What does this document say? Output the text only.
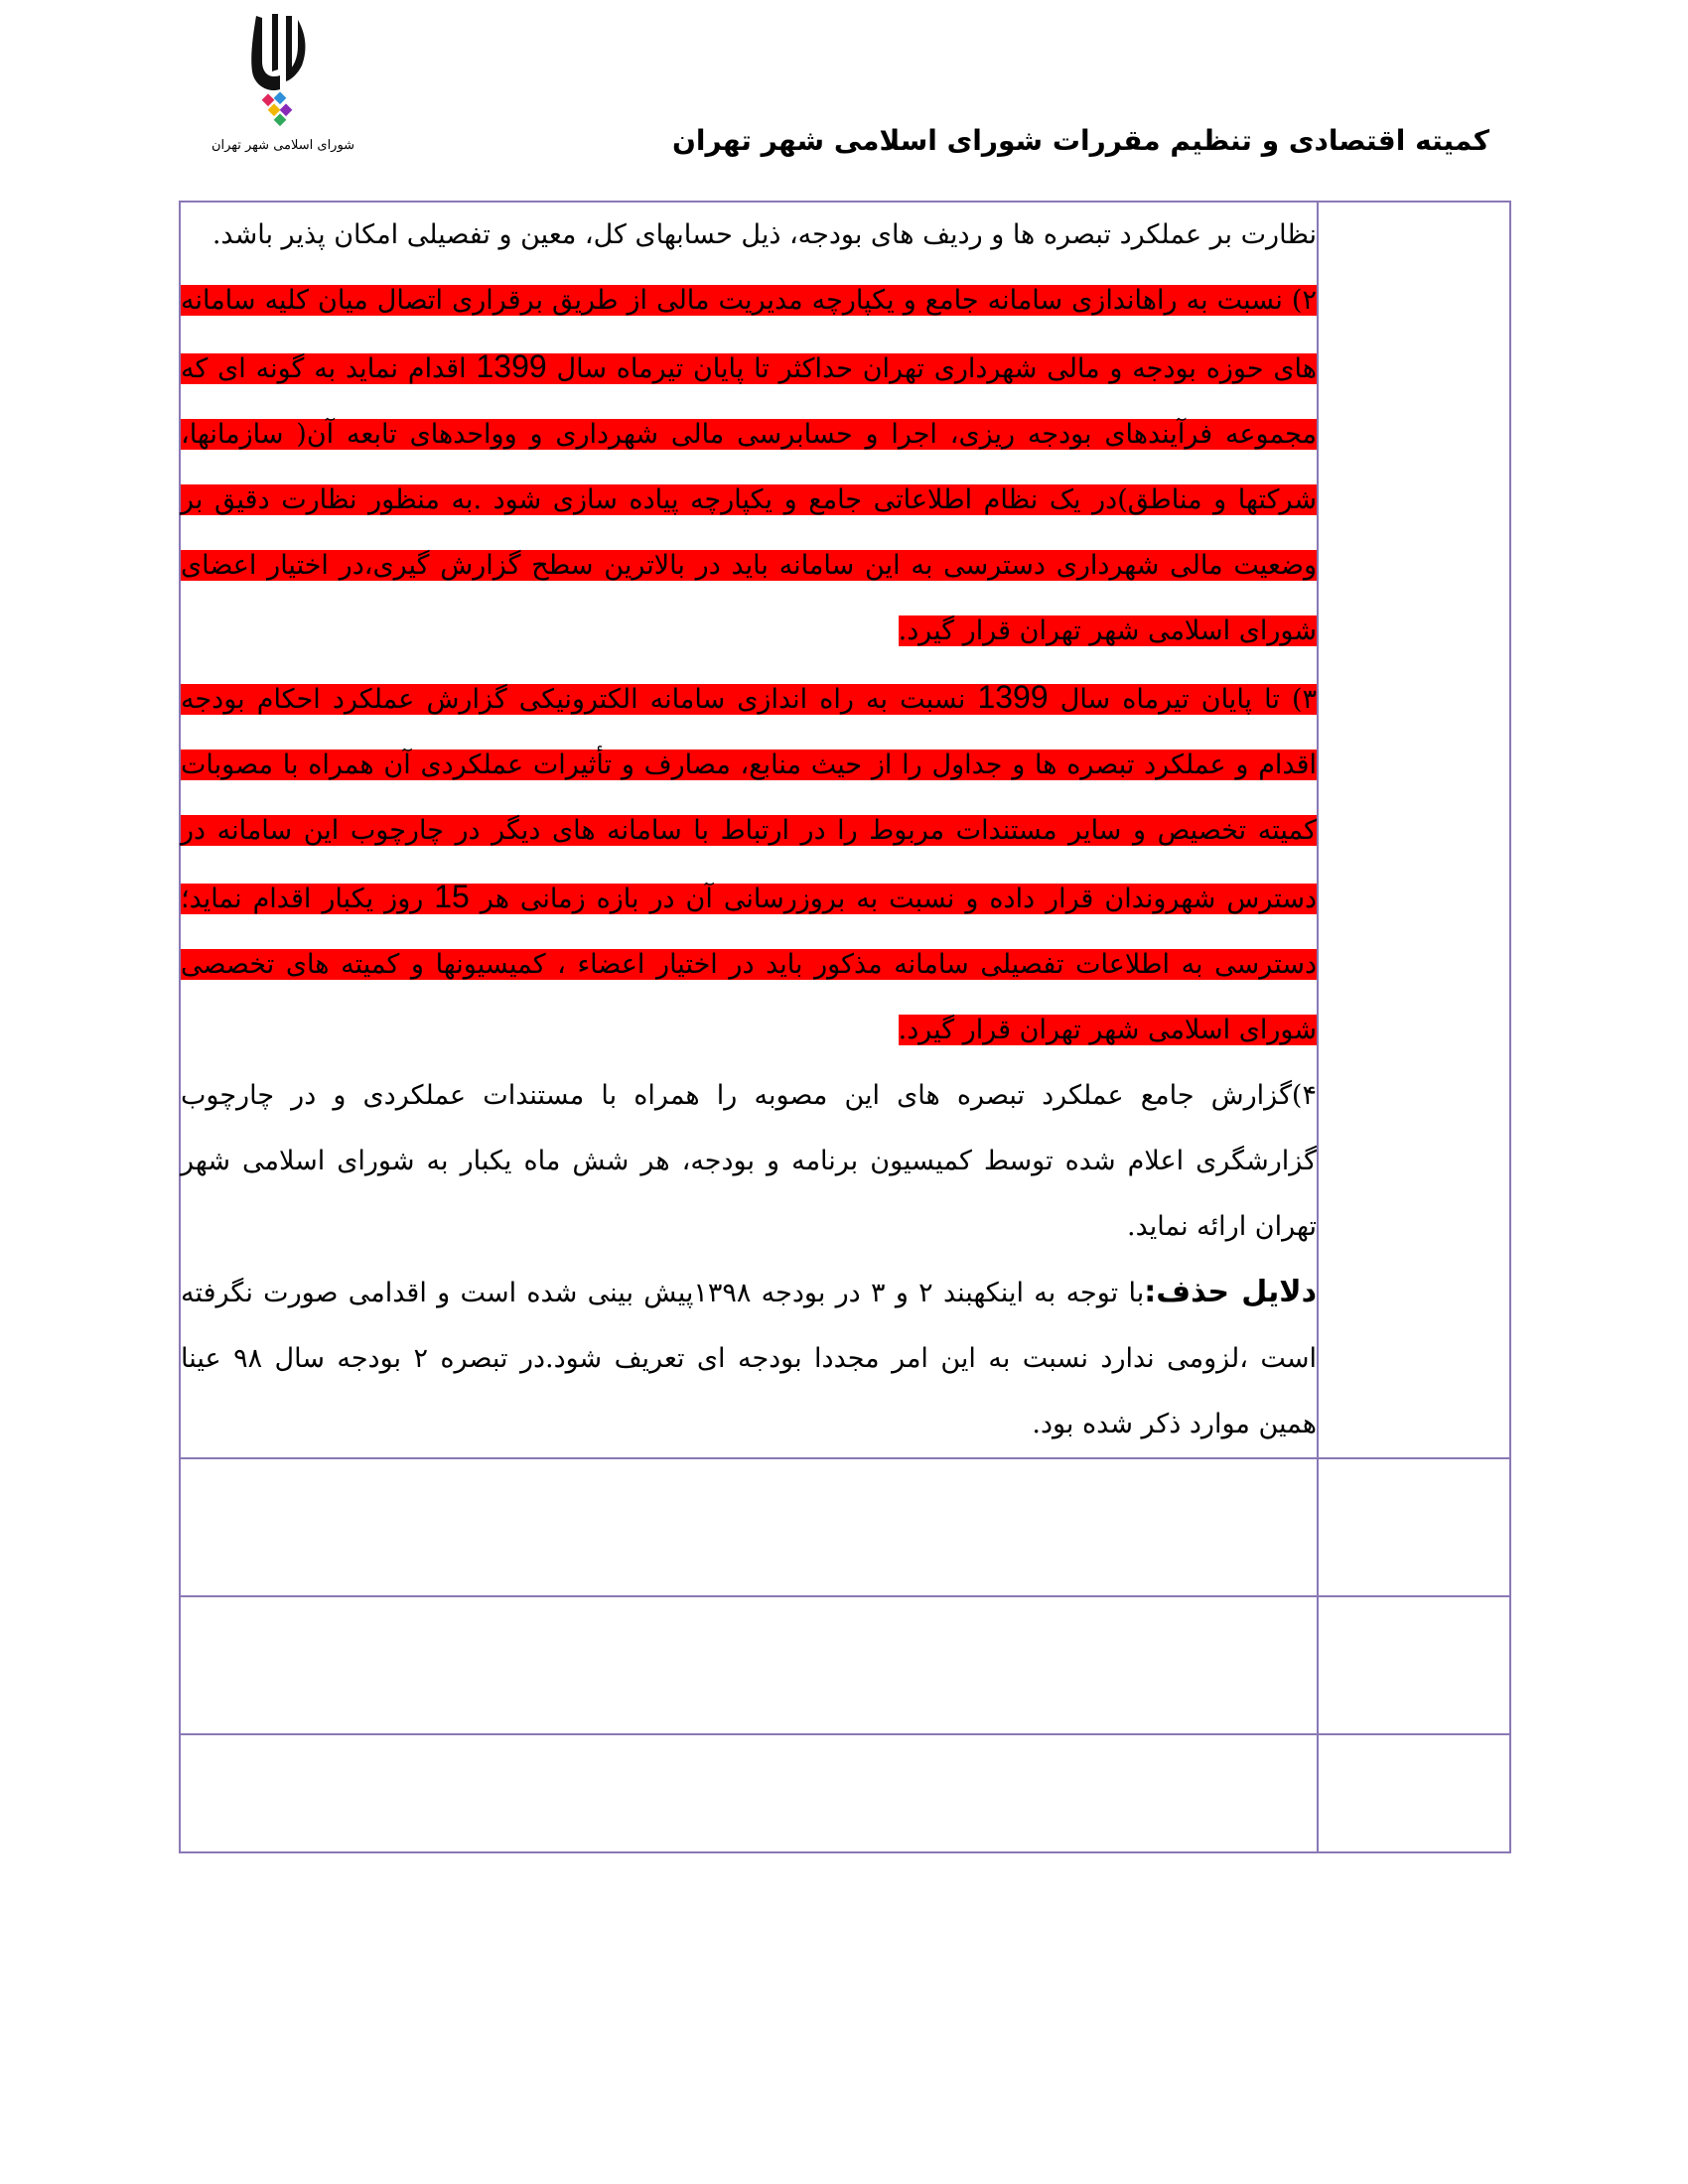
شورای اسلامی شهر تهران	کمیته اقتصادی و تنظیم مقررات شورای اسلامی شهر تهران

	نظارت بر عملکرد تبصره ها و ردیف های بودجه، ذیل حسابهای کل، معین و تفصیلی امکان پذیر باشد.

۲) نسبت به راهاندازی سامانه جامع و یکپارچه مدیریت مالی از طریق برقراری اتصال میان کلیه سامانه های حوزه بودجه و مالی شهرداری تهران حداکثر تا پایان تیرماه سال 1399 اقدام نماید به گونه ای که مجموعه فرآیندهای بودجه ریزی، اجرا و حسابرسی مالی شهرداری و وواحدهای تابعه آن( سازمانها، شرکتها و مناطق)در یک نظام اطلاعاتی جامع و یکپارچه پیاده سازی شود .به منظور نظارت دقیق بر وضعیت مالی شهرداری دسترسی به این سامانه باید در بالاترین سطح گزارش گیری،در اختیار اعضای شورای اسلامی شهر تهران قرار گیرد.

۳) تا پایان تیرماه سال 1399 نسبت به راه اندازی سامانه الکترونیکی گزارش عملکرد احکام بودجه اقدام و عملکرد تبصره ها و جداول را از حیث منابع، مصارف و تأثیرات عملکردی آن همراه با مصوبات کمیته تخصیص و سایر مستندات مربوط را در ارتباط با سامانه های دیگر در چارچوب این سامانه در دسترس شهروندان قرار داده و نسبت به بروزرسانی آن در بازه زمانی هر 15 روز یکبار اقدام نماید؛ دسترسی به اطلاعات تفصیلی سامانه مذکور باید در اختیار اعضاء ، کمیسیونها و کمیته های تخصصی شورای اسلامی شهر تهران قرار گیرد.

۴)گزارش جامع عملکرد تبصره های این مصوبه را همراه با مستندات عملکردی و در چارچوب گزارشگری اعلام شده توسط کمیسیون برنامه و بودجه، هر شش ماه یکبار به شورای اسلامی شهر تهران ارائه نماید.

دلایل حذف:با توجه به اینکهبند ۲ و ۳ در بودجه ۱۳۹۸پیش بینی شده است و اقدامی صورت نگرفته است ،لزومی ندارد نسبت به این امر مجددا بودجه ای تعریف شود.در تبصره ۲ بودجه سال ۹۸ عینا همین موارد ذکر شده بود.
